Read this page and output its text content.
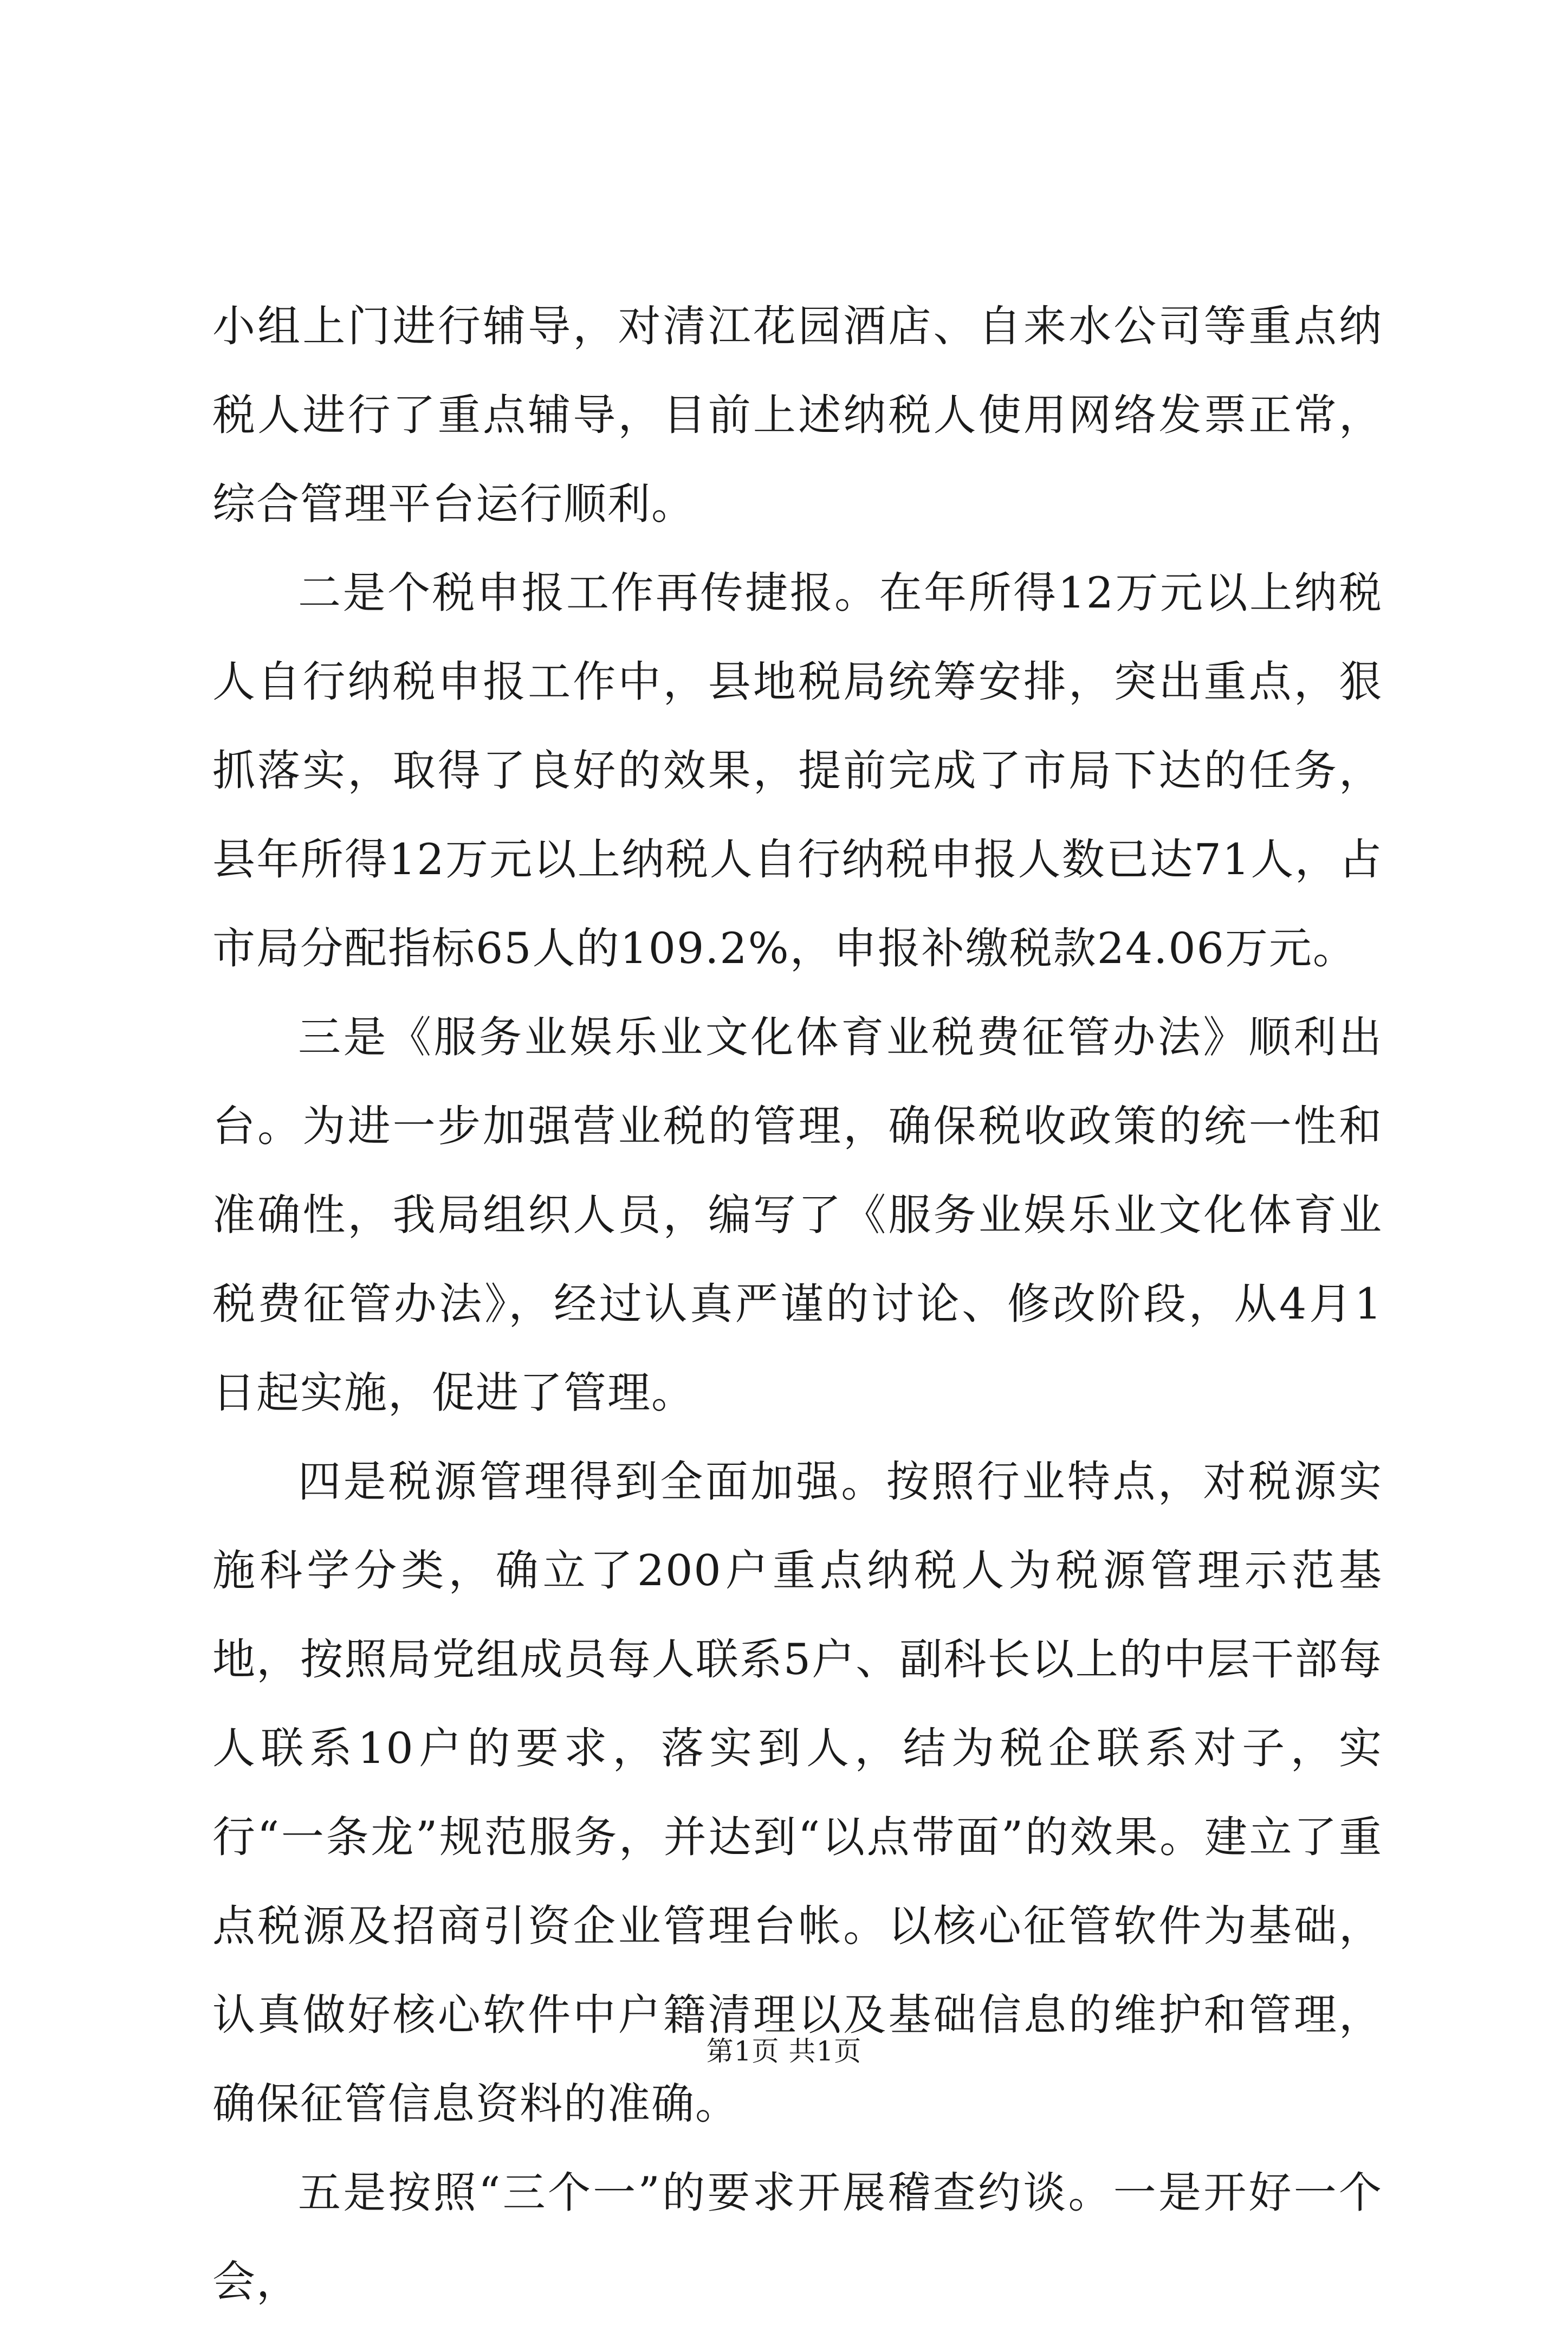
小组上门进行辅导，对清江花园酒店、自来水公司等重点纳税人进行了重点辅导，目前上述纳税人使用网络发票正常，综合管理平台运行顺利。

二是个税申报工作再传捷报。在年所得12万元以上纳税人自行纳税申报工作中，县地税局统筹安排，突出重点，狠抓落实，取得了良好的效果，提前完成了市局下达的任务，县年所得12万元以上纳税人自行纳税申报人数已达71人，占市局分配指标65人的109.2%，申报补缴税款24.06万元。

三是《服务业娱乐业文化体育业税费征管办法》顺利出台。为进一步加强营业税的管理，确保税收政策的统一性和准确性，我局组织人员，编写了《服务业娱乐业文化体育业税费征管办法》，经过认真严谨的讨论、修改阶段，从4月1日起实施，促进了管理。

四是税源管理得到全面加强。按照行业特点，对税源实施科学分类，确立了200户重点纳税人为税源管理示范基地，按照局党组成员每人联系5户、副科长以上的中层干部每人联系10户的要求，落实到人，结为税企联系对子，实行“一条龙”规范服务，并达到“以点带面”的效果。建立了重点税源及招商引资企业管理台帐。以核心征管软件为基础，认真做好核心软件中户籍清理以及基础信息的维护和管理，确保征管信息资料的准确。

五是按照“三个一”的要求开展稽查约谈。一是开好一个会，

第1页 共1页
